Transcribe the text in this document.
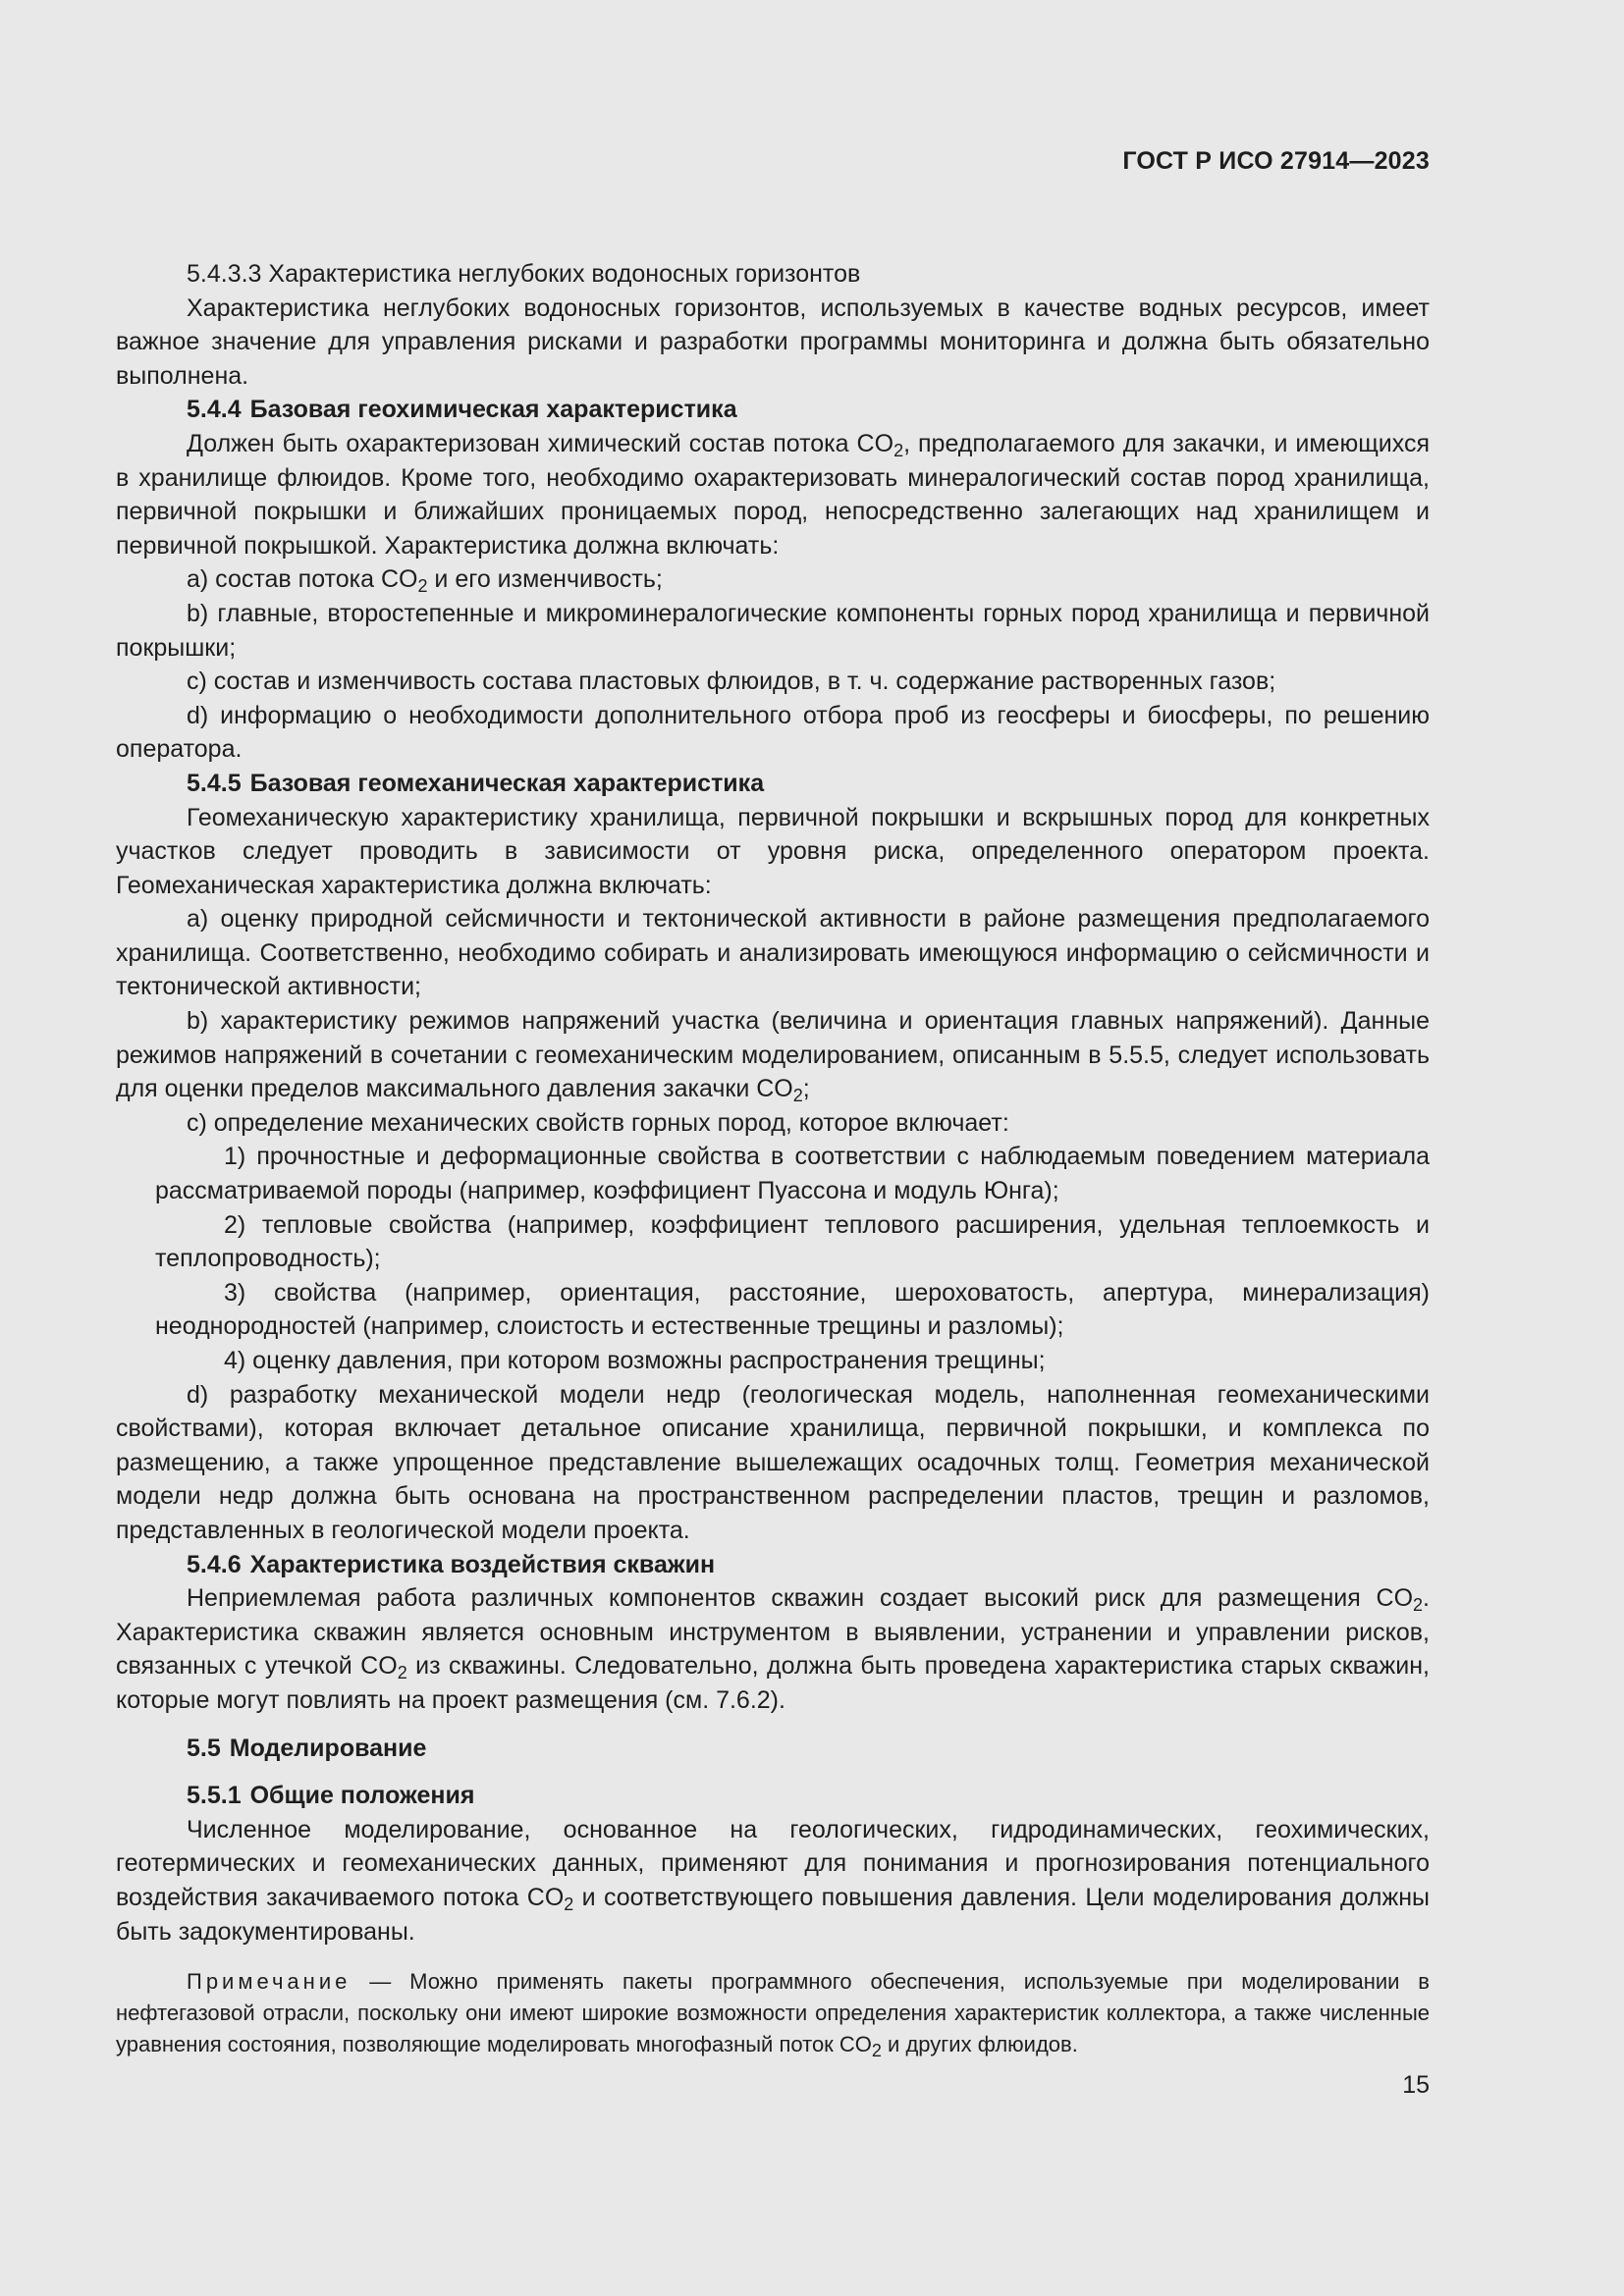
ГОСТ Р ИСО 27914—2023

5.4.3.3 Характеристика неглубоких водоносных горизонтов

Характеристика неглубоких водоносных горизонтов, используемых в качестве водных ресурсов, имеет важное значение для управления рисками и разработки программы мониторинга и должна быть обязательно выполнена.

5.4.4 Базовая геохимическая характеристика

Должен быть охарактеризован химический состав потока $CO_2$, предполагаемого для закачки, и имеющихся в хранилище флюидов. Кроме того, необходимо охарактеризовать минералогический состав пород хранилища, первичной покрышки и ближайших проницаемых пород, непосредственно залегающих над хранилищем и первичной покрышкой. Характеристика должна включать:

a) состав потока $CO_2$ и его изменчивость;

b) главные, второстепенные и микроминералогические компоненты горных пород хранилища и первичной покрышки;

c) состав и изменчивость состава пластовых флюидов, в т. ч. содержание растворенных газов;

d) информацию о необходимости дополнительного отбора проб из геосферы и биосферы, по решению оператора.

5.4.5 Базовая геомеханическая характеристика

Геомеханическую характеристику хранилища, первичной покрышки и вскрышных пород для конкретных участков следует проводить в зависимости от уровня риска, определенного оператором проекта. Геомеханическая характеристика должна включать:

a) оценку природной сейсмичности и тектонической активности в районе размещения предполагаемого хранилища. Соответственно, необходимо собирать и анализировать имеющуюся информацию о сейсмичности и тектонической активности;

b) характеристику режимов напряжений участка (величина и ориентация главных напряжений). Данные режимов напряжений в сочетании с геомеханическим моделированием, описанным в 5.5.5, следует использовать для оценки пределов максимального давления закачки $CO_2$;

c) определение механических свойств горных пород, которое включает:

1) прочностные и деформационные свойства в соответствии с наблюдаемым поведением материала рассматриваемой породы (например, коэффициент Пуассона и модуль Юнга);

2) тепловые свойства (например, коэффициент теплового расширения, удельная теплоемкость и теплопроводность);

3) свойства (например, ориентация, расстояние, шероховатость, апертура, минерализация) неоднородностей (например, слоистость и естественные трещины и разломы);

4) оценку давления, при котором возможны распространения трещины;

d) разработку механической модели недр (геологическая модель, наполненная геомеханическими свойствами), которая включает детальное описание хранилища, первичной покрышки, и комплекса по размещению, а также упрощенное представление вышележащих осадочных толщ. Геометрия механической модели недр должна быть основана на пространственном распределении пластов, трещин и разломов, представленных в геологической модели проекта.

5.4.6 Характеристика воздействия скважин

Неприемлемая работа различных компонентов скважин создает высокий риск для размещения $CO_2$. Характеристика скважин является основным инструментом в выявлении, устранении и управлении рисков, связанных с утечкой $CO_2$ из скважины. Следовательно, должна быть проведена характеристика старых скважин, которые могут повлиять на проект размещения (см. 7.6.2).

5.5 Моделирование
5.5.1 Общие положения

Численное моделирование, основанное на геологических, гидродинамических, геохимических, геотермических и геомеханических данных, применяют для понимания и прогнозирования потенциального воздействия закачиваемого потока $CO_2$ и соответствующего повышения давления. Цели моделирования должны быть задокументированы.

Примечание — Можно применять пакеты программного обеспечения, используемые при моделировании в нефтегазовой отрасли, поскольку они имеют широкие возможности определения характеристик коллектора, а также численные уравнения состояния, позволяющие моделировать многофазный поток $CO_2$ и других флюидов.

15
